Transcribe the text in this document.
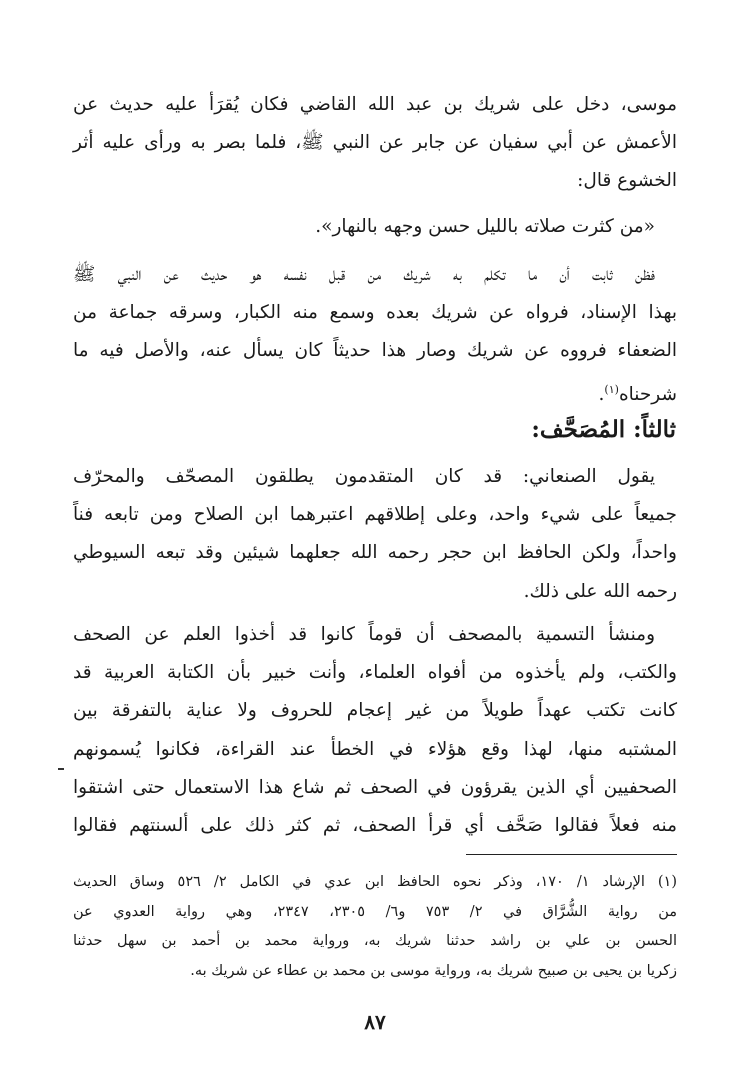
موسى، دخل على شريك بن عبد الله القاضي فكان يُقرَأ عليه حديث عن
الأعمش عن أبي سفيان عن جابر عن النبي ﷺ، فلما بصر به ورأى عليه أثر
الخشوع قال:
«من كثرت صلاته بالليل حسن وجهه بالنهار».
فظن ثابت أن ما تكلم به شريك من قبل نفسه هو حديث عن النبي ﷺ
بهذا الإسناد، فرواه عن شريك بعده وسمع منه الكبار، وسرقه جماعة من
الضعفاء فرووه عن شريك وصار هذا حديثاً كان يسأل عنه، والأصل فيه ما
شرحناه$^{(١)}$.
ثالثاً: المُصَحَّف:
يقول الصنعاني: قد كان المتقدمون يطلقون المصحّف والمحرّف
جميعاً على شيء واحد، وعلى إطلاقهم اعتبرهما ابن الصلاح ومن تابعه فناً
واحداً، ولكن الحافظ ابن حجر رحمه الله جعلهما شيئين وقد تبعه السيوطي
رحمه الله على ذلك.
ومنشأ التسمية بالمصحف أن قوماً كانوا قد أخذوا العلم عن الصحف
والكتب، ولم يأخذوه من أفواه العلماء، وأنت خبير بأن الكتابة العربية قد
كانت تكتب عهداً طويلاً من غير إعجام للحروف ولا عناية بالتفرقة بين
المشتبه منها، لهذا وقع هؤلاء في الخطأ عند القراءة، فكانوا يُسمونهم
الصحفيين أي الذين يقرؤون في الصحف ثم شاع هذا الاستعمال حتى اشتقوا
منه فعلاً فقالوا صَحَّف أي قرأ الصحف، ثم كثر ذلك على ألسنتهم فقالوا
(١) الإرشاد ١/ ١٧٠، وذكر نحوه الحافظ ابن عدي في الكامل ٢/ ٥٢٦ وساق الحديث
من رواية الشُّرَّاق في ٢/ ٧٥٣ و٦/ ٢٣٠٥، ٢٣٤٧، وهي رواية العدوي عن
الحسن بن علي بن راشد حدثنا شريك به، ورواية محمد بن أحمد بن سهل حدثنا
زكريا بن يحيى بن صبيح شريك به، ورواية موسى بن محمد بن عطاء عن شريك به.
٨٧
